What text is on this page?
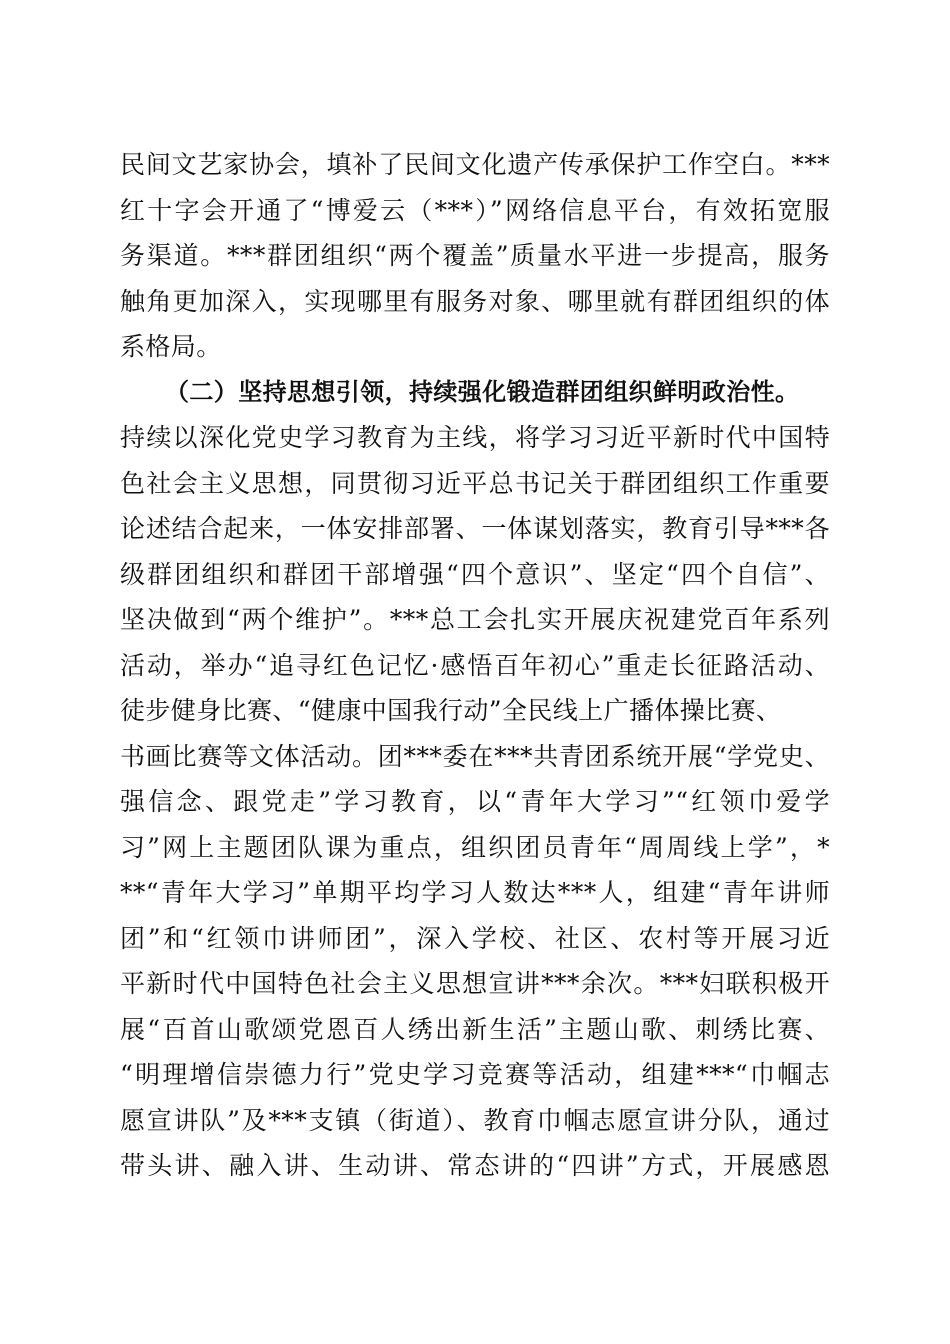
民间文艺家协会，填补了民间文化遗产传承保护工作空白。***
红十字会开通了“博爱云（***）”网络信息平台，有效拓宽服
务渠道。***群团组织“两个覆盖”质量水平进一步提高，服务
触角更加深入，实现哪里有服务对象、哪里就有群团组织的体
系格局。
（二）坚持思想引领，持续强化锻造群团组织鲜明政治性。
持续以深化党史学习教育为主线，将学习习近平新时代中国特
色社会主义思想，同贯彻习近平总书记关于群团组织工作重要
论述结合起来，一体安排部署、一体谋划落实，教育引导***各
级群团组织和群团干部增强“四个意识”、坚定“四个自信”、
坚决做到“两个维护”。***总工会扎实开展庆祝建党百年系列
活动，举办“追寻红色记忆·感悟百年初心”重走长征路活动、
徒步健身比赛、“健康中国我行动”全民线上广播体操比赛、
书画比赛等文体活动。团***委在***共青团系统开展“学党史、
强信念、跟党走”学习教育，以“青年大学习”“红领巾爱学
习”网上主题团队课为重点，组织团员青年“周周线上学”，*
**“青年大学习”单期平均学习人数达***人，组建“青年讲师
团”和“红领巾讲师团”，深入学校、社区、农村等开展习近
平新时代中国特色社会主义思想宣讲***余次。***妇联积极开
展“百首山歌颂党恩百人绣出新生活”主题山歌、刺绣比赛、
“明理增信崇德力行”党史学习竞赛等活动，组建***“巾帼志
愿宣讲队”及***支镇（街道）、教育巾帼志愿宣讲分队，通过
带头讲、融入讲、生动讲、常态讲的“四讲”方式，开展感恩
